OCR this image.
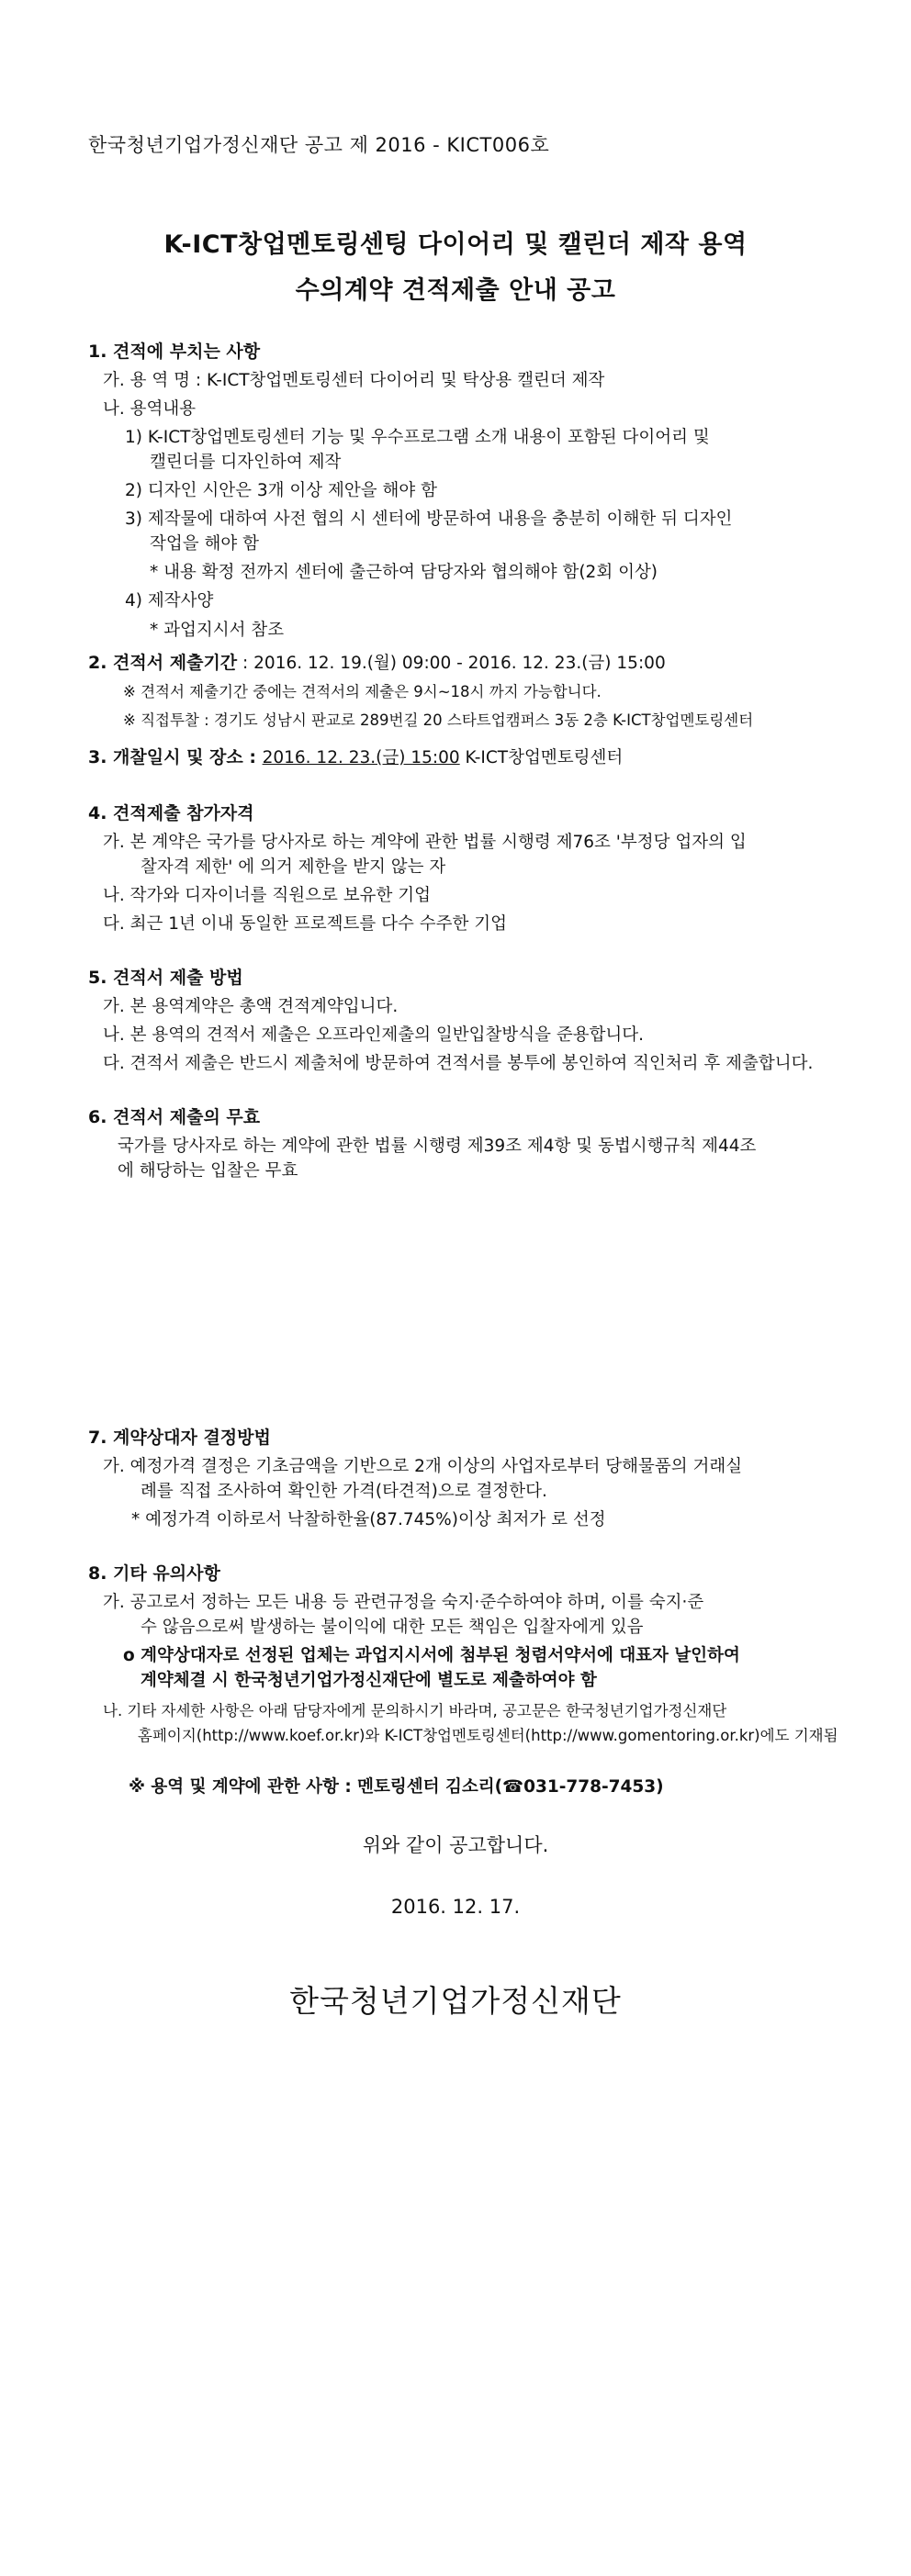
한국청년기업가정신재단 공고 제 2016 - KICT006호
K-ICT창업멘토링센팅 다이어리 및 캘린더 제작 용역
수의계약 견적제출 안내 공고
1. 견적에 부치는 사항
가. 용 역 명 : K-ICT창업멘토링센터 다이어리 및 탁상용 캘린더 제작
나. 용역내용
1) K-ICT창업멘토링센터 기능 및 우수프로그램 소개 내용이 포함된 다이어리 및
캘린더를 디자인하여 제작
2) 디자인 시안은 3개 이상 제안을 해야 함
3) 제작물에 대하여 사전 협의 시 센터에 방문하여 내용을 충분히 이해한 뒤 디자인
작업을 해야 함
* 내용 확정 전까지 센터에 출근하여 담당자와 협의해야 함(2회 이상)
4) 제작사양
* 과업지시서 참조
2. 견적서 제출기간 : 2016. 12. 19.(월) 09:00 - 2016. 12. 23.(금) 15:00
※ 견적서 제출기간 중에는 견적서의 제출은 9시~18시 까지 가능합니다.
※ 직접투찰 : 경기도 성남시 판교로 289번길 20 스타트업캠퍼스 3동 2층 K-ICT창업멘토링센터
3. 개찰일시 및 장소 : 2016. 12. 23.(금) 15:00 K-ICT창업멘토링센터
4. 견적제출 참가자격
가. 본 계약은 국가를 당사자로 하는 계약에 관한 법률 시행령 제76조 '부정당 업자의 입
찰자격 제한' 에 의거 제한을 받지 않는 자
나. 작가와 디자이너를 직원으로 보유한 기업
다. 최근 1년 이내 동일한 프로젝트를 다수 수주한 기업
5. 견적서 제출 방법
가. 본 용역계약은 총액 견적계약입니다.
나. 본 용역의 견적서 제출은 오프라인제출의 일반입찰방식을 준용합니다.
다. 견적서 제출은 반드시 제출처에 방문하여 견적서를 봉투에 봉인하여 직인처리 후 제출합니다.
6. 견적서 제출의 무효
국가를 당사자로 하는 계약에 관한 법률 시행령 제39조 제4항 및 동법시행규칙 제44조
에 해당하는 입찰은 무효
7. 계약상대자 결정방법
가. 예정가격 결정은 기초금액을 기반으로 2개 이상의 사업자로부터 당해물품의 거래실
례를 직접 조사하여 확인한 가격(타견적)으로 결정한다.
* 예정가격 이하로서 낙찰하한율(87.745%)이상 최저가 로 선정
8. 기타 유의사항
가. 공고로서 정하는 모든 내용 등 관련규정을 숙지·준수하여야 하며, 이를 숙지·준
수 않음으로써 발생하는 불이익에 대한 모든 책임은 입찰자에게 있음
o 계약상대자로 선정된 업체는 과업지시서에 첨부된 청렴서약서에 대표자 날인하여
계약체결 시 한국청년기업가정신재단에 별도로 제출하여야 함
나. 기타 자세한 사항은 아래 담당자에게 문의하시기 바라며, 공고문은 한국청년기업가정신재단
홈페이지(http://www.koef.or.kr)와 K-ICT창업멘토링센터(http://www.gomentoring.or.kr)에도 기재됨
※ 용역 및 계약에 관한 사항 : 멘토링센터 김소리(☎031-778-7453)
위와 같이 공고합니다.
2016. 12. 17.
한국청년기업가정신재단
